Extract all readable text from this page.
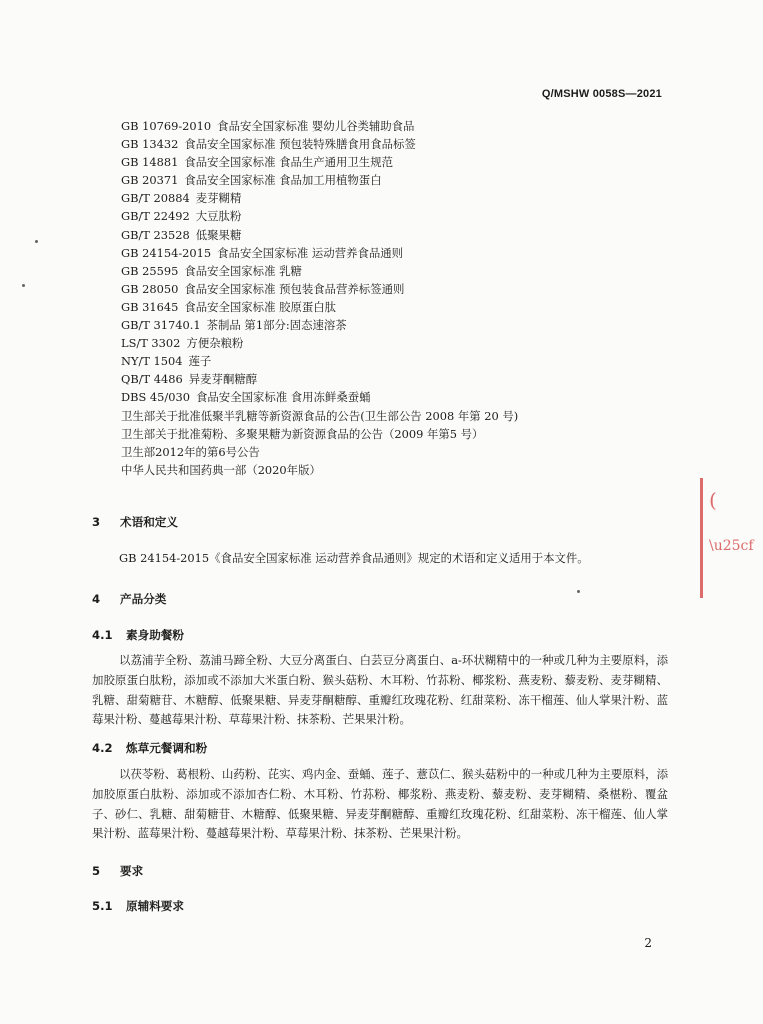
Q/MSHW 0058S—2021
GB 10769-2010 食品安全国家标准 婴幼儿谷类辅助食品
GB 13432 食品安全国家标准 预包装特殊膳食用食品标签
GB 14881 食品安全国家标准 食品生产通用卫生规范
GB 20371 食品安全国家标准 食品加工用植物蛋白
GB/T 20884 麦芽糊精
GB/T 22492 大豆肽粉
GB/T 23528 低聚果糖
GB 24154-2015 食品安全国家标准 运动营养食品通则
GB 25595 食品安全国家标准 乳糖
GB 28050 食品安全国家标准 预包装食品营养标签通则
GB 31645 食品安全国家标准 胶原蛋白肽
GB/T 31740.1 茶制品 第1部分:固态速溶茶
LS/T 3302 方便杂粮粉
NY/T 1504 莲子
QB/T 4486 异麦芽酮糖醇
DBS 45/030 食品安全国家标准 食用冻鲜桑蚕蛹
卫生部关于批准低聚半乳糖等新资源食品的公告(卫生部公告 2008 年第 20 号)
卫生部关于批准菊粉、多聚果糖为新资源食品的公告（2009 年第5 号）
卫生部2012年的第6号公告
中华人民共和国药典一部（2020年版）
3 术语和定义
GB 24154-2015《食品安全国家标准 运动营养食品通则》规定的术语和定义适用于本文件。
4 产品分类
4.1 素身助餐粉
以荔浦芋全粉、荔浦马蹄全粉、大豆分离蛋白、白芸豆分离蛋白、a-环状糊精中的一种或几种为主要原料，添加胶原蛋白肽粉，添加或不添加大米蛋白粉、猴头菇粉、木耳粉、竹荪粉、椰浆粉、燕麦粉、藜麦粉、麦芽糊精、乳糖、甜菊糖苷、木糖醇、低聚果糖、异麦芽酮糖醇、重瓣红玫瑰花粉、红甜菜粉、冻干榴莲、仙人掌果汁粉、蓝莓果汁粉、蔓越莓果汁粉、草莓果汁粉、抹茶粉、芒果果汁粉。
4.2 炼草元餐调和粉
以茯苓粉、葛根粉、山药粉、芘实、鸡内金、蚕蛹、莲子、薏苡仁、猴头菇粉中的一种或几种为主要原料，添加胶原蛋白肽粉、添加或不添加杏仁粉、木耳粉、竹荪粉、椰浆粉、燕麦粉、藜麦粉、麦芽糊精、桑椹粉、覆盆子、砂仁、乳糖、甜菊糖苷、木糖醇、低聚果糖、异麦芽酮糖醇、重瓣红玫瑰花粉、红甜菜粉、冻干榴莲、仙人掌果汁粉、蓝莓果汁粉、蔓越莓果汁粉、草莓果汁粉、抹茶粉、芒果果汁粉。
5 要求
5.1 原辅料要求
2
(
\u25cf
